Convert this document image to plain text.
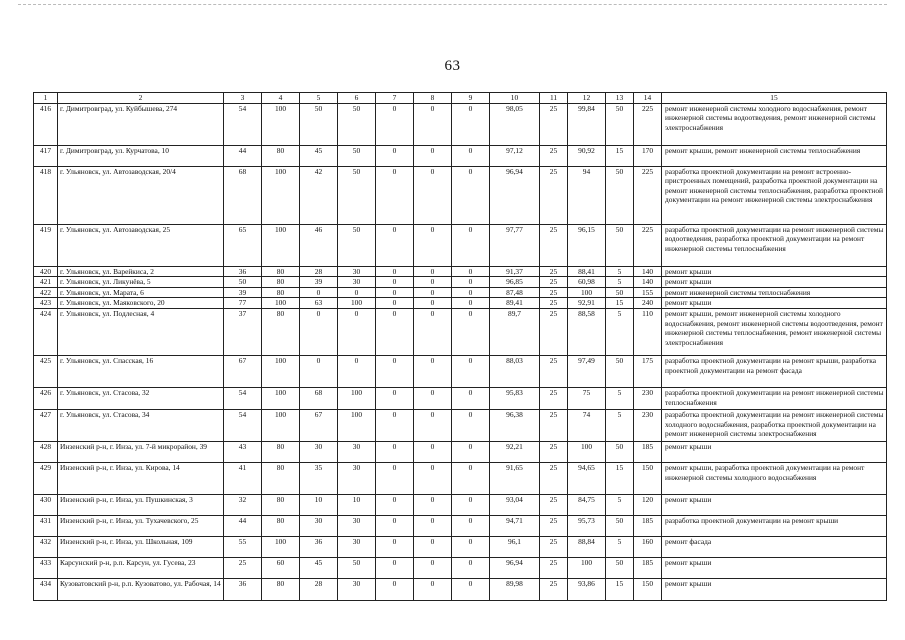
63
1	2	3	4	5	6	7	8	9	10	11	12	13	14	15
416	г. Димитровград, ул. Куйбышева, 274	54	100	50	50	0	0	0	98,05	25	99,84	50	225	ремонт инженерной системы холодного водоснабжения, ремонт инженерной системы водоотведения, ремонт инженерной системы электроснабжения
417	г. Димитровград, ул. Курчатова, 10	44	80	45	50	0	0	0	97,12	25	90,92	15	170	ремонт крыши, ремонт инженерной системы теплоснабжения
418	г. Ульяновск, ул. Автозаводская, 20/4	68	100	42	50	0	0	0	96,94	25	94	50	225	разработка проектной документации на ремонт встроенно-пристроенных помещений, разработка проектной документации на ремонт инженерной системы теплоснабжения, разработка проектной документации на ремонт инженерной системы электроснабжения
419	г. Ульяновск, ул. Автозаводская, 25	65	100	46	50	0	0	0	97,77	25	96,15	50	225	разработка проектной документации на ремонт инженерной системы водоотведения, разработка проектной документации на ремонт инженерной системы теплоснабжения
420	г. Ульяновск, ул. Варейкиса, 2	36	80	28	30	0	0	0	91,37	25	88,41	5	140	ремонт крыши
421	г. Ульяновск, ул. Ликунёва, 5	50	80	39	30	0	0	0	96,85	25	60,98	5	140	ремонт крыши
422	г. Ульяновск, ул. Марата, 6	39	80	0	0	0	0	0	87,48	25	100	50	155	ремонт инженерной системы теплоснабжения
423	г. Ульяновск, ул. Маяковского, 20	77	100	63	100	0	0	0	89,41	25	92,91	15	240	ремонт крыши
424	г. Ульяновск, ул. Подлесная, 4	37	80	0	0	0	0	0	89,7	25	88,58	5	110	ремонт крыши, ремонт инженерной системы холодного водоснабжения, ремонт инженерной системы водоотведения, ремонт инженерной системы теплоснабжения, ремонт инженерной системы электроснабжения
425	г. Ульяновск, ул. Спасская, 16	67	100	0	0	0	0	0	88,03	25	97,49	50	175	разработка проектной документации на ремонт крыши, разработка проектной документации на ремонт фасада
426	г. Ульяновск, ул. Стасова, 32	54	100	68	100	0	0	0	95,83	25	75	5	230	разработка проектной документации на ремонт инженерной системы теплоснабжения
427	г. Ульяновск, ул. Стасова, 34	54	100	67	100	0	0	0	96,38	25	74	5	230	разработка проектной документации на ремонт инженерной системы холодного водоснабжения, разработка проектной документации на ремонт инженерной системы электроснабжения
428	Инзенский р-н, г. Инза, ул. 7-й микрорайон, 39	43	80	30	30	0	0	0	92,21	25	100	50	185	ремонт крыши
429	Инзенский р-н, г. Инза, ул. Кирова, 14	41	80	35	30	0	0	0	91,65	25	94,65	15	150	ремонт крыши, разработка проектной документации на ремонт инженерной системы холодного водоснабжения
430	Инзенский р-н, г. Инза, ул. Пушкинская, 3	32	80	10	10	0	0	0	93,04	25	84,75	5	120	ремонт крыши
431	Инзенский р-н, г. Инза, ул. Тухачевского, 25	44	80	30	30	0	0	0	94,71	25	95,73	50	185	разработка проектной документации на ремонт крыши
432	Инзенский р-н, г. Инза, ул. Школьная, 109	55	100	36	30	0	0	0	96,1	25	88,84	5	160	ремонт фасада
433	Карсунский р-н, р.п. Карсун, ул. Гусева, 23	25	60	45	50	0	0	0	96,94	25	100	50	185	ремонт крыши
434	Кузоватовский р-н, р.п. Кузоватово, ул. Рабочая, 14	36	80	28	30	0	0	0	89,98	25	93,86	15	150	ремонт крыши
